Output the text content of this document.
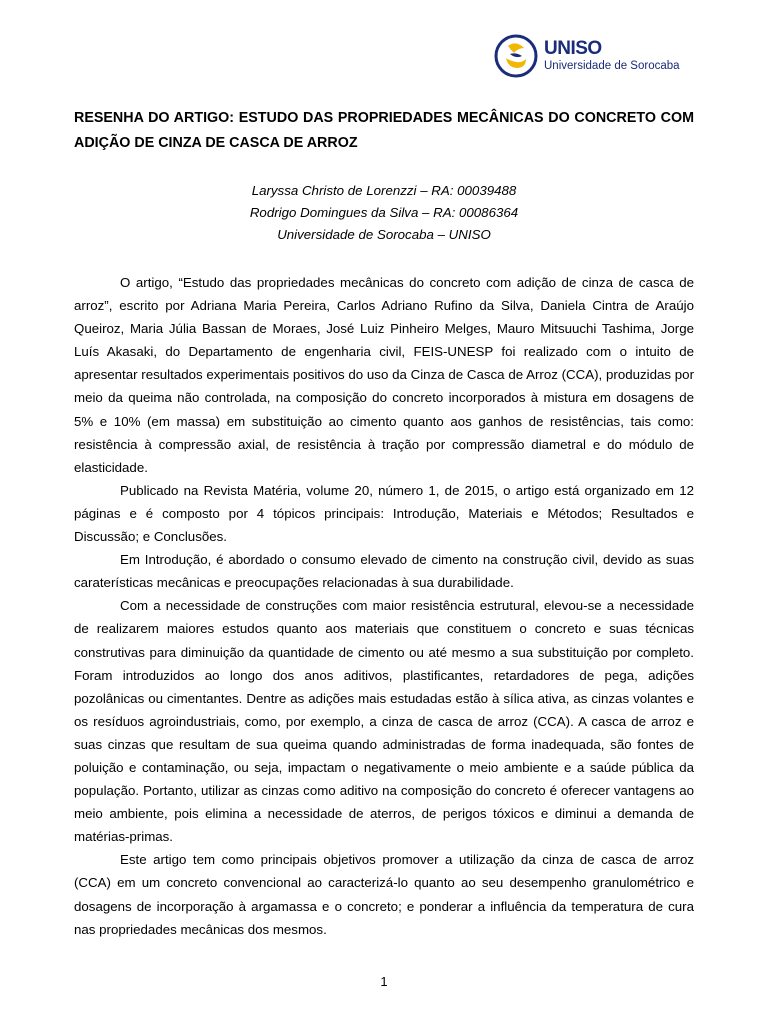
UNISO
Universidade de Sorocaba
RESENHA DO ARTIGO: ESTUDO DAS PROPRIEDADES MECÂNICAS DO CONCRETO COM ADIÇÃO DE CINZA DE CASCA DE ARROZ
Laryssa Christo de Lorenzzi – RA: 00039488
Rodrigo Domingues da Silva – RA: 00086364
Universidade de Sorocaba – UNISO

O artigo, “Estudo das propriedades mecânicas do concreto com adição de cinza de casca de arroz”, escrito por Adriana Maria Pereira, Carlos Adriano Rufino da Silva, Daniela Cintra de Araújo Queiroz, Maria Júlia Bassan de Moraes, José Luiz Pinheiro Melges, Mauro Mitsuuchi Tashima, Jorge Luís Akasaki, do Departamento de engenharia civil, FEIS-UNESP foi realizado com o intuito de apresentar resultados experimentais positivos do uso da Cinza de Casca de Arroz (CCA), produzidas por meio da queima não controlada, na composição do concreto incorporados à mistura em dosagens de 5% e 10% (em massa) em substituição ao cimento quanto aos ganhos de resistências, tais como: resistência à compressão axial, de resistência à tração por compressão diametral e do módulo de elasticidade.

Publicado na Revista Matéria, volume 20, número 1, de 2015, o artigo está organizado em 12 páginas e é composto por 4 tópicos principais: Introdução, Materiais e Métodos; Resultados e Discussão; e Conclusões.

Em Introdução, é abordado o consumo elevado de cimento na construção civil, devido as suas caraterísticas mecânicas e preocupações relacionadas à sua durabilidade.

Com a necessidade de construções com maior resistência estrutural, elevou-se a necessidade de realizarem maiores estudos quanto aos materiais que constituem o concreto e suas técnicas construtivas para diminuição da quantidade de cimento ou até mesmo a sua substituição por completo. Foram introduzidos ao longo dos anos aditivos, plastificantes, retardadores de pega, adições pozolânicas ou cimentantes. Dentre as adições mais estudadas estão à sílica ativa, as cinzas volantes e os resíduos agroindustriais, como, por exemplo, a cinza de casca de arroz (CCA). A casca de arroz e suas cinzas que resultam de sua queima quando administradas de forma inadequada, são fontes de poluição e contaminação, ou seja, impactam o negativamente o meio ambiente e a saúde pública da população. Portanto, utilizar as cinzas como aditivo na composição do concreto é oferecer vantagens ao meio ambiente, pois elimina a necessidade de aterros, de perigos tóxicos e diminui a demanda de matérias-primas.

Este artigo tem como principais objetivos promover a utilização da cinza de casca de arroz (CCA) em um concreto convencional ao caracterizá-lo quanto ao seu desempenho granulométrico e dosagens de incorporação à argamassa e o concreto; e ponderar a influência da temperatura de cura nas propriedades mecânicas dos mesmos.

1
